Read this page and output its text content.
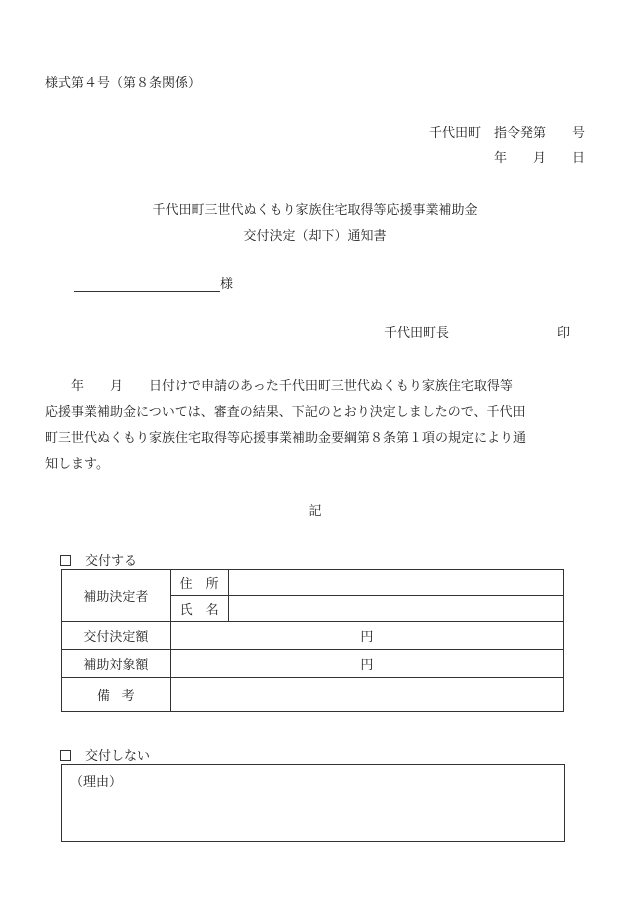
様式第４号（第８条関係）
千代田町　指令発第　　号
年　　月　　日
千代田町三世代ぬくもり家族住宅取得等応援事業補助金
交付決定（却下）通知書
様
千代田町長	印

年　　月　　日付けで申請のあった千代田町三世代ぬくもり家族住宅取得等

応援事業補助金については、審査の結果、下記のとおり決定しましたので、千代田

町三世代ぬくもり家族住宅取得等応援事業補助金要綱第８条第１項の規定により通

知します。

記
交付する
補助決定者	住　所	
	氏　名	
交付決定額	円	
補助対象額	円	
備考		
交付しない
（理由）
